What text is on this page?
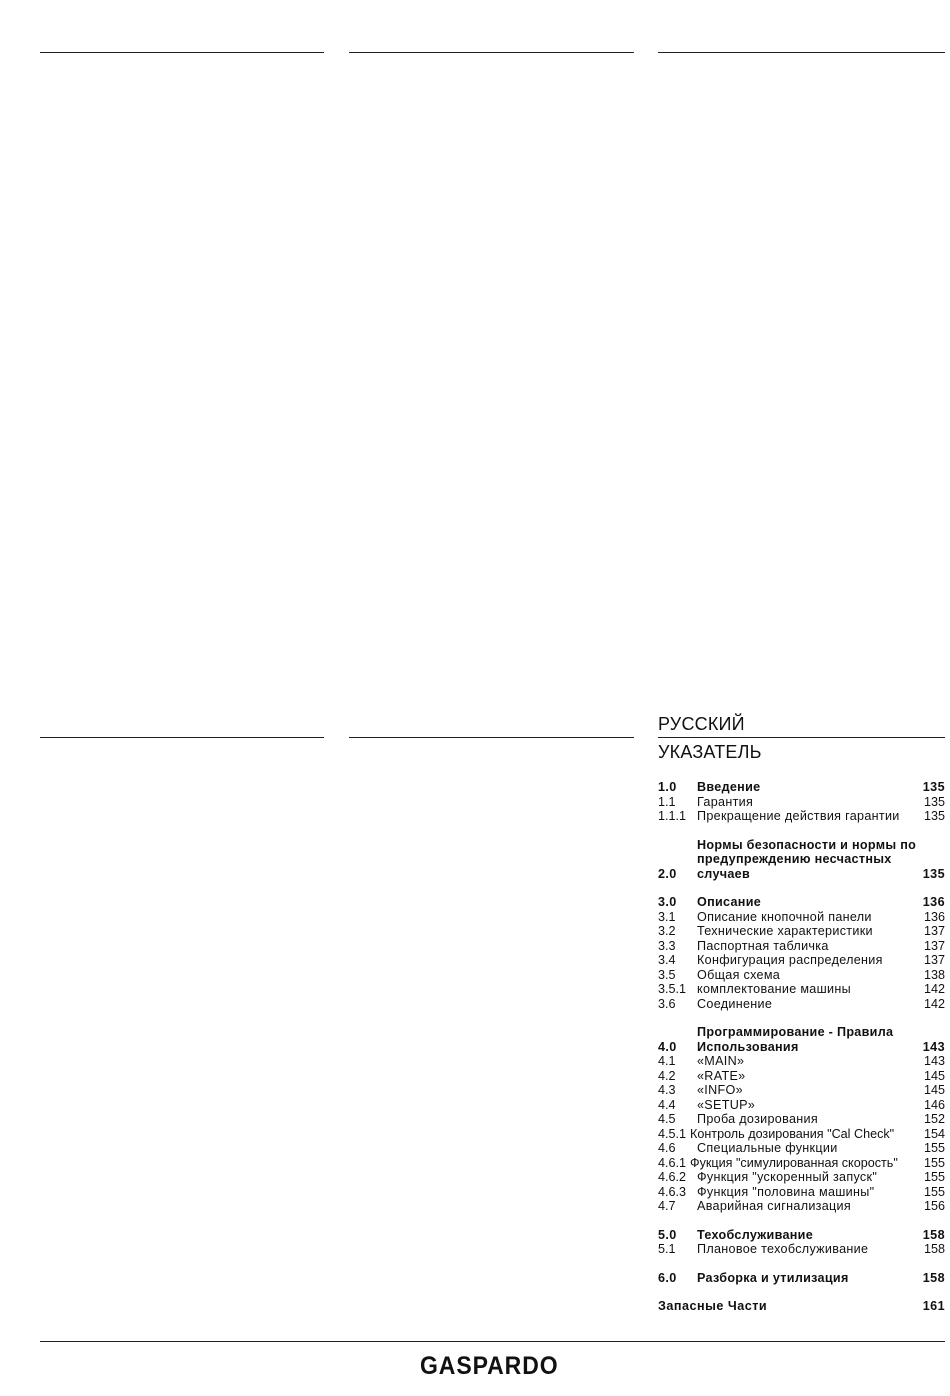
РУССКИЙ
УКАЗАТЕЛЬ
1.0	Введение	135
1.1	Гарантия	135
1.1.1 Прекращение действия гарантии	135
2.0
Нормы безопасности и нормы по
предупреждению несчастных
случаев	135
3.0	Описание	136
3.1	Описание кнопочной панели	136
3.2	Технические характеристики	137
3.3	Паспортная табличка	137
3.4	Конфигурация распределения	137
3.5	Общая схема	138
3.5.1 комплектование машины	142
3.6	Соединение	142
4.0
Программирование - Правила
Использования	143
4.1	«MAIN»	143
4.2	«RATE»	145
4.3	«INFO»	145
4.4	«SETUP»	146
4.5	Проба дозирования	152
4.5.1 Контроль дозирования "Cal Check"	154
4.6	Специальные функции	155
4.6.1 Фукция "симулированная скорость"	155
4.6.2 Функция "ускоренный запуск"	155
4.6.3 Функция "половина машины"	155
4.7	Аварийная сигнализация	156
5.0	Техобслуживание	158
5.1	Плановое техобслуживание	158
6.0	Разборка и утилизация	158
Запасные Части	161
GASPARDO
